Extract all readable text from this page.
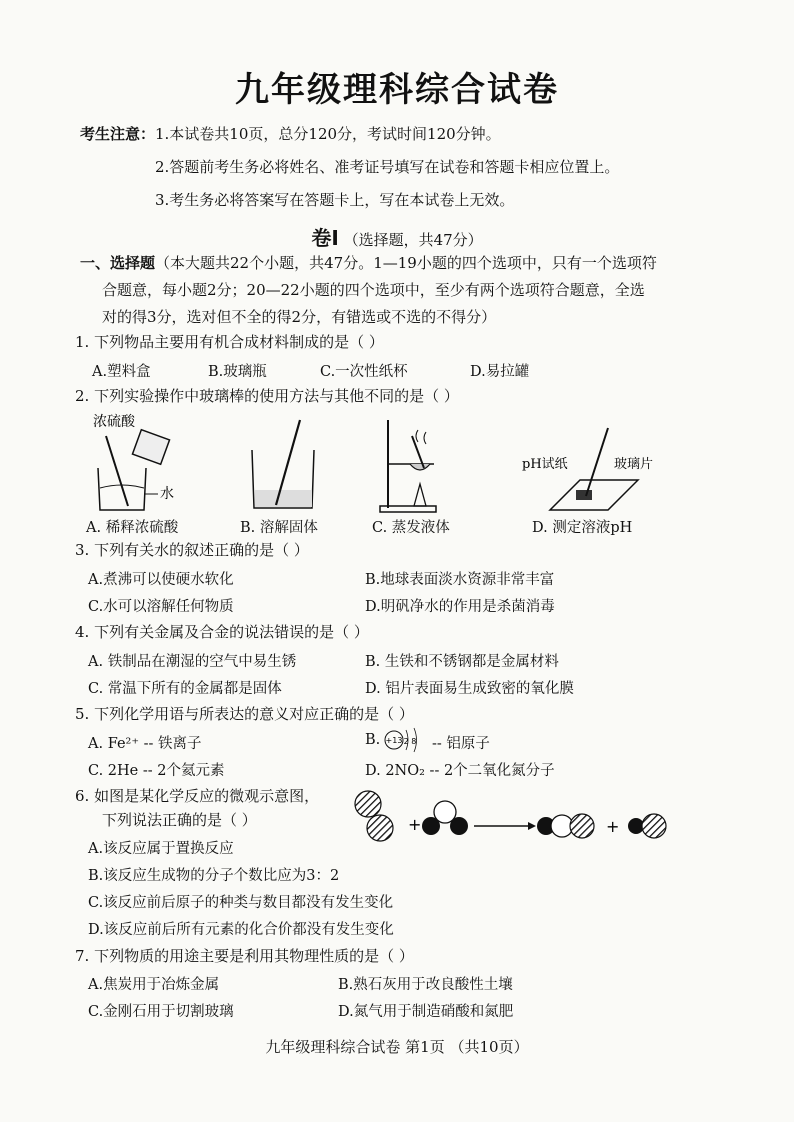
九年级理科综合试卷
考生注意： 1.本试卷共10页，总分120分，考试时间120分钟。
2.答题前考生务必将姓名、准考证号填写在试卷和答题卡相应位置上。
3.考生务必将答案写在答题卡上，写在本试卷上无效。
卷Ⅰ （选择题，共47分）
一、选择题（本大题共22个小题，共47分。1—19小题的四个选项中，只有一个选项符
合题意，每小题2分；20—22小题的四个选项中，至少有两个选项符合题意，全选
对的得3分，选对但不全的得2分，有错选或不选的不得分）
1. 下列物品主要用有机合成材料制成的是（ ）
A.塑料盒	B.玻璃瓶	C.一次性纸杯	D.易拉罐
2. 下列实验操作中玻璃棒的使用方法与其他不同的是（ ）
浓硫酸
水
pH试纸	玻璃片
A. 稀释浓硫酸	B. 溶解固体	C. 蒸发液体	D. 测定溶液pH
3. 下列有关水的叙述正确的是（ ）
A.煮沸可以使硬水软化	B.地球表面淡水资源非常丰富
C.水可以溶解任何物质	D.明矾净水的作用是杀菌消毒
4. 下列有关金属及合金的说法错误的是（ ）
A. 铁制品在潮湿的空气中易生锈	B. 生铁和不锈钢都是金属材料
C. 常温下所有的金属都是固体	D. 铝片表面易生成致密的氧化膜
5. 下列化学用语与所表达的意义对应正确的是（ ）
A. Fe²⁺ -- 铁离子	B. +13 2 8 -- 铝原子
C. 2He -- 2个氦元素	D. 2NO₂ -- 2个二氧化氮分子
6. 如图是某化学反应的微观示意图，
下列说法正确的是（ ）	+	+
A.该反应属于置换反应
B.该反应生成物的分子个数比应为3：2
C.该反应前后原子的种类与数目都没有发生变化
D.该反应前后所有元素的化合价都没有发生变化
7. 下列物质的用途主要是利用其物理性质的是（ ）
A.焦炭用于冶炼金属	B.熟石灰用于改良酸性土壤
C.金刚石用于切割玻璃	D.氮气用于制造硝酸和氮肥
九年级理科综合试卷 第1页 （共10页）
